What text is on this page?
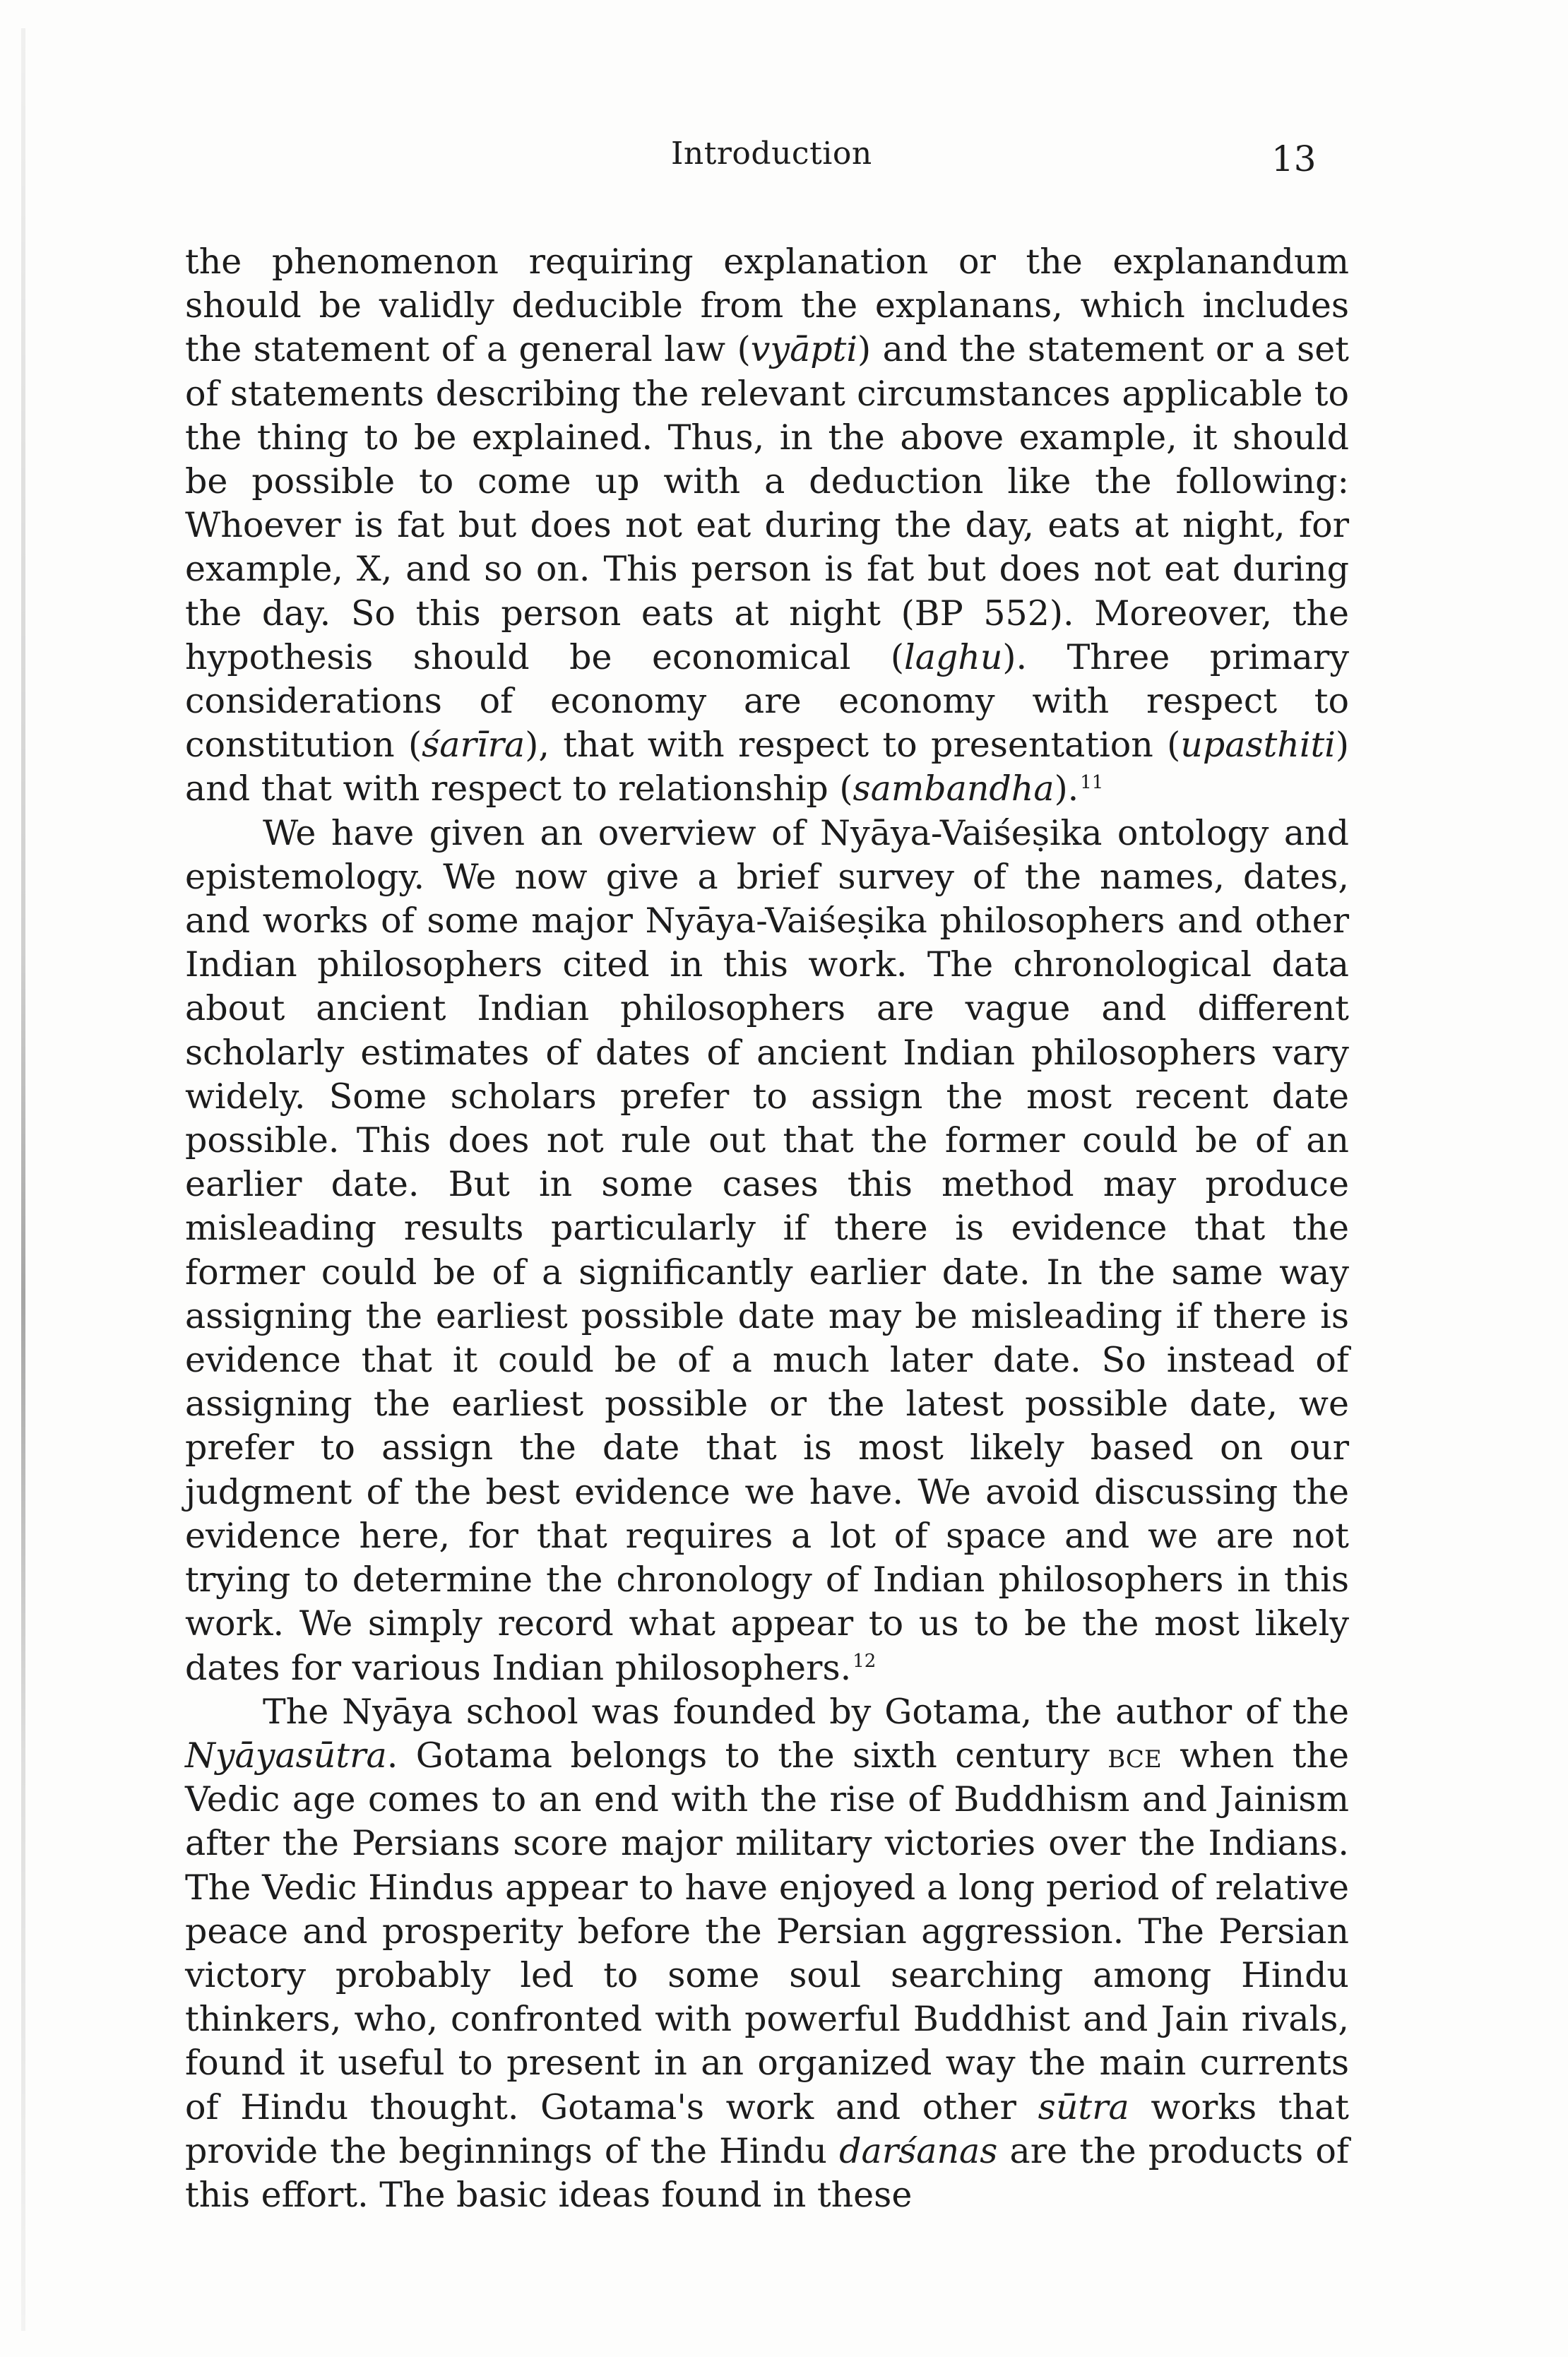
Introduction	13

the phenomenon requiring explanation or the explanandum should be validly deducible from the explanans, which includes the statement of a general law (vyāpti) and the statement or a set of statements describing the relevant circumstances applicable to the thing to be explained. Thus, in the above example, it should be possible to come up with a deduction like the following: Whoever is fat but does not eat during the day, eats at night, for example, X, and so on. This person is fat but does not eat during the day. So this person eats at night (BP 552). Moreover, the hypothesis should be economical (laghu). Three primary considerations of economy are economy with respect to constitution (śarīra), that with respect to presentation (upasthiti) and that with respect to relationship (sambandha).$^{11}$

We have given an overview of Nyāya-Vaiśeṣika ontology and epistemology. We now give a brief survey of the names, dates, and works of some major Nyāya-Vaiśeṣika philosophers and other Indian philosophers cited in this work. The chronological data about ancient Indian philosophers are vague and different scholarly estimates of dates of ancient Indian philosophers vary widely. Some scholars prefer to assign the most recent date possible. This does not rule out that the former could be of an earlier date. But in some cases this method may produce misleading results particularly if there is evidence that the former could be of a significantly earlier date. In the same way assigning the earliest possible date may be misleading if there is evidence that it could be of a much later date. So instead of assigning the earliest possible or the latest possible date, we prefer to assign the date that is most likely based on our judgment of the best evidence we have. We avoid discussing the evidence here, for that requires a lot of space and we are not trying to determine the chronology of Indian philosophers in this work. We simply record what appear to us to be the most likely dates for various Indian philosophers.$^{12}$

The Nyāya school was founded by Gotama, the author of the Nyāyasūtra. Gotama belongs to the sixth century bce when the Vedic age comes to an end with the rise of Buddhism and Jainism after the Persians score major military victories over the Indians. The Vedic Hindus appear to have enjoyed a long period of relative peace and prosperity before the Persian aggression. The Persian victory probably led to some soul searching among Hindu thinkers, who, confronted with powerful Buddhist and Jain rivals, found it useful to present in an organized way the main currents of Hindu thought. Gotama's work and other sūtra works that provide the beginnings of the Hindu darśanas are the products of this effort. The basic ideas found in these
